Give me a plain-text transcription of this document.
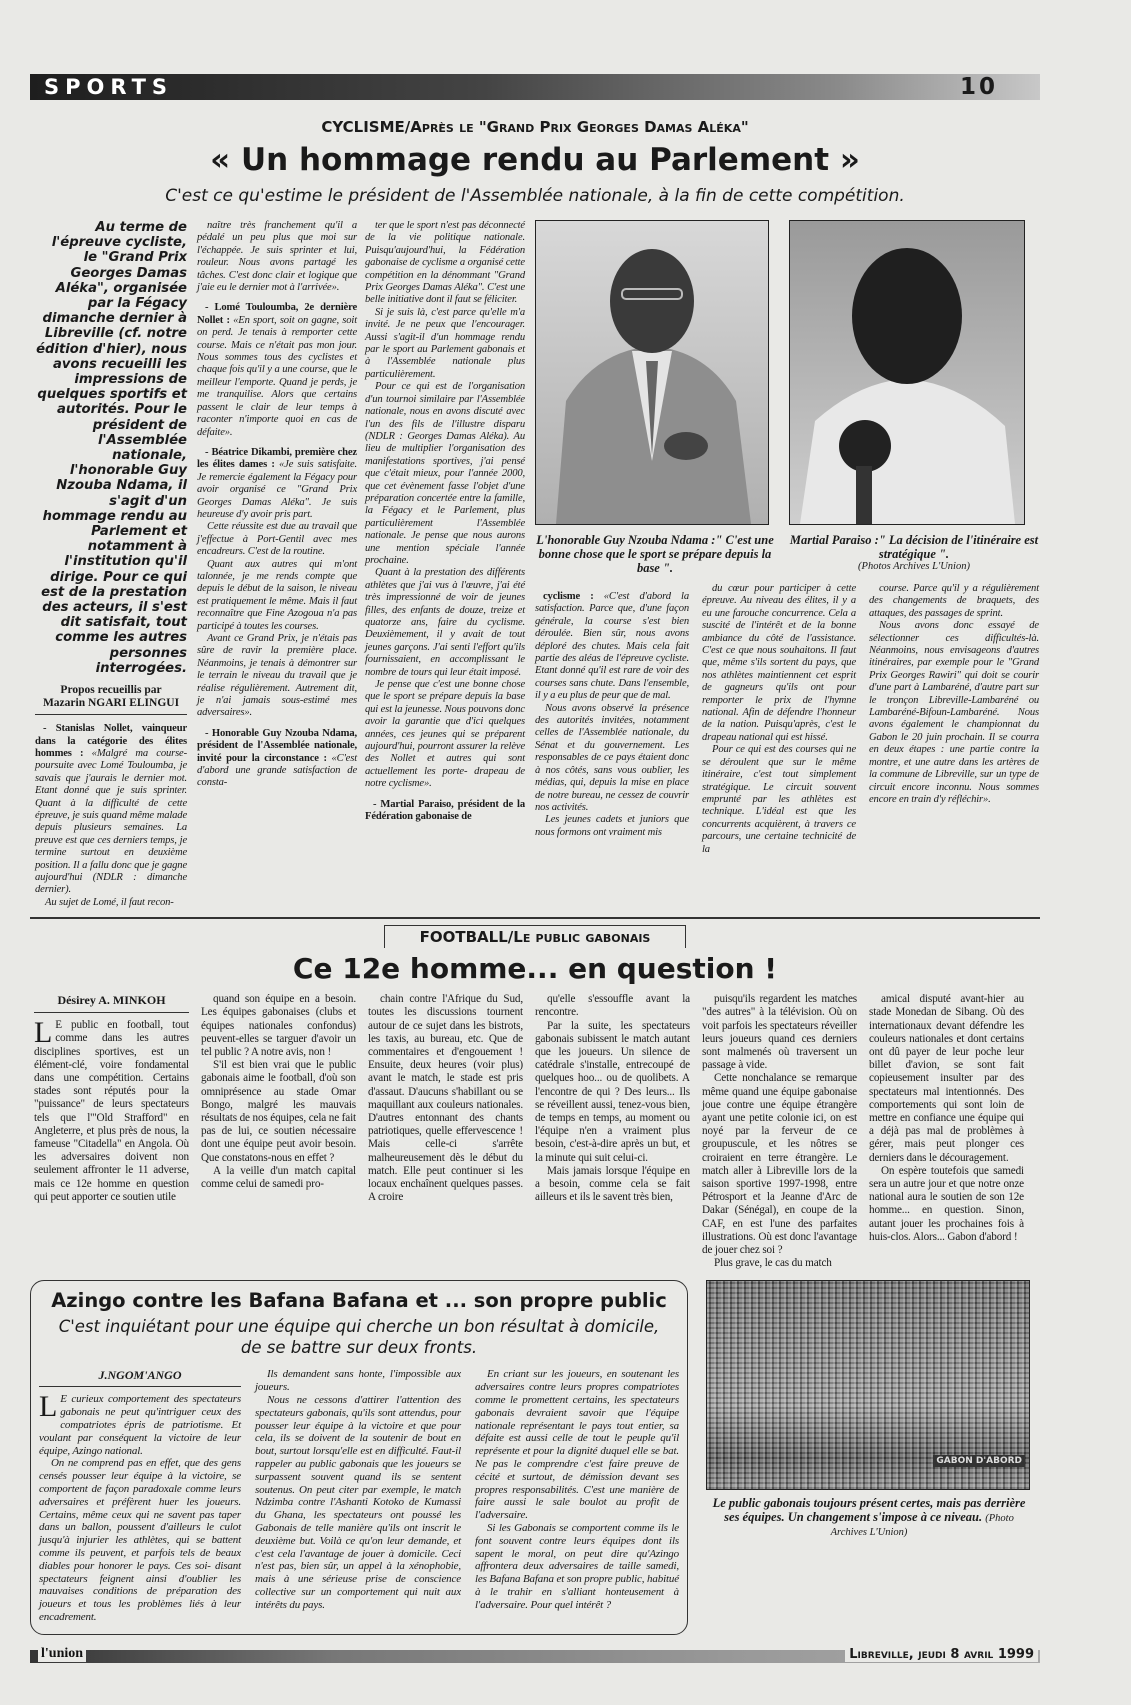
SPORTS	10
CYCLISME/Après le "Grand Prix Georges Damas Aléka"
« Un hommage rendu au Parlement »
C'est ce qu'estime le président de l'Assemblée nationale, à la fin de cette compétition.
Au terme de l'épreuve cycliste, le "Grand Prix Georges Damas Aléka", organisée par la Fégacy dimanche dernier à Libreville (cf. notre édition d'hier), nous avons recueilli les impressions de quelques sportifs et autorités. Pour le président de l'Assemblée nationale, l'honorable Guy Nzouba Ndama, il s'agit d'un hommage rendu au Parlement et notamment à l'institution qu'il dirige. Pour ce qui est de la prestation des acteurs, il s'est dit satisfait, tout comme les autres personnes interrogées.
Propos recueillis par
Mazarin NGARI ELINGUI

- Stanislas Nollet, vainqueur dans la catégorie des élites hommes : «Malgré ma course-poursuite avec Lomé Touloumba, je savais que j'aurais le dernier mot. Etant donné que je suis sprinter. Quant à la difficulté de cette épreuve, je suis quand même malade depuis plusieurs semaines. La preuve est que ces derniers temps, je termine surtout en deuxième position. Il a fallu donc que je gagne aujourd'hui (NDLR : dimanche dernier).

Au sujet de Lomé, il faut recon-

naître très franchement qu'il a pédalé un peu plus que moi sur l'échappée. Je suis sprinter et lui, rouleur. Nous avons partagé les tâches. C'est donc clair et logique que j'aie eu le dernier mot à l'arrivée».

- Lomé Touloumba, 2e dernière Nollet : «En sport, soit on gagne, soit on perd. Je tenais à remporter cette course. Mais ce n'était pas mon jour. Nous sommes tous des cyclistes et chaque fois qu'il y a une course, que le meilleur l'emporte. Quand je perds, je me tranquilise. Alors que certains passent le clair de leur temps à raconter n'importe quoi en cas de défaite».

- Béatrice Dikambi, première chez les élites dames : «Je suis satisfaite. Je remercie également la Fégacy pour avoir organisé ce "Grand Prix Georges Damas Aléka". Je suis heureuse d'y avoir pris part.

Cette réussite est due au travail que j'effectue à Port-Gentil avec mes encadreurs. C'est de la routine.

Quant aux autres qui m'ont talonnée, je me rends compte que depuis le début de la saison, le niveau est pratiquement le même. Mais il faut reconnaître que Fine Azogoua n'a pas participé à toutes les courses.

Avant ce Grand Prix, je n'étais pas sûre de ravir la première place. Néanmoins, je tenais à démontrer sur le terrain le niveau du travail que je réalise régulièrement. Autrement dit, je n'ai jamais sous-estimé mes adversaires».

- Honorable Guy Nzouba Ndama, président de l'Assemblée nationale, invité pour la circonstance : «C'est d'abord une grande satisfaction de consta-

ter que le sport n'est pas déconnecté de la vie politique nationale. Puisqu'aujourd'hui, la Fédération gabonaise de cyclisme a organisé cette compétition en la dénommant "Grand Prix Georges Damas Aléka". C'est une belle initiative dont il faut se féliciter.

Si je suis là, c'est parce qu'elle m'a invité. Je ne peux que l'encourager. Aussi s'agit-il d'un hommage rendu par le sport au Parlement gabonais et à l'Assemblée nationale plus particulièrement.

Pour ce qui est de l'organisation d'un tournoi similaire par l'Assemblée nationale, nous en avons discuté avec l'un des fils de l'illustre disparu (NDLR : Georges Damas Aléka). Au lieu de multiplier l'organisation des manifestations sportives, j'ai pensé que c'était mieux, pour l'année 2000, que cet évènement fasse l'objet d'une préparation concertée entre la famille, la Fégacy et le Parlement, plus particulièrement l'Assemblée nationale. Je pense que nous aurons une mention spéciale l'année prochaine.

Quant à la prestation des différents athlètes que j'ai vus à l'œuvre, j'ai été très impressionné de voir de jeunes filles, des enfants de douze, treize et quatorze ans, faire du cyclisme. Deuxièmement, il y avait de tout jeunes garçons. J'ai senti l'effort qu'ils fournissaient, en accomplissant le nombre de tours qui leur était imposé.

Je pense que c'est une bonne chose que le sport se prépare depuis la base qui est la jeunesse. Nous pouvons donc avoir la garantie que d'ici quelques années, ces jeunes qui se préparent aujourd'hui, pourront assurer la relève des Nollet et autres qui sont actuellement les porte- drapeau de notre cyclisme».

- Martial Paraiso, président de la Fédération gabonaise de

L'honorable Guy Nzouba Ndama :" C'est une bonne chose que le sport se prépare depuis la base ".
Martial Paraiso :" La décision de l'itinéraire est stratégique ".
(Photos Archives L'Union)

cyclisme : «C'est d'abord la satisfaction. Parce que, d'une façon générale, la course s'est bien déroulée. Bien sûr, nous avons déploré des chutes. Mais cela fait partie des aléas de l'épreuve cycliste. Etant donné qu'il est rare de voir des courses sans chute. Dans l'ensemble, il y a eu plus de peur que de mal.

Nous avons observé la présence des autorités invitées, notamment celles de l'Assemblée nationale, du Sénat et du gouvernement. Les responsables de ce pays étaient donc à nos côtés, sans vous oublier, les médias, qui, depuis la mise en place de notre bureau, ne cessez de couvrir nos activités.

Les jeunes cadets et juniors que nous formons ont vraiment mis

du cœur pour participer à cette épreuve. Au niveau des élites, il y a eu une farouche concurrence. Cela a suscité de l'intérêt et de la bonne ambiance du côté de l'assistance. C'est ce que nous souhaitons. Il faut que, même s'ils sortent du pays, que nos athlètes maintiennent cet esprit de gagneurs qu'ils ont pour remporter le prix de l'hymne national. Afin de défendre l'honneur de la nation. Puisqu'après, c'est le drapeau national qui est hissé.

Pour ce qui est des courses qui ne se déroulent que sur le même itinéraire, c'est tout simplement stratégique. Le circuit souvent emprunté par les athlètes est technique. L'idéal est que les concurrents acquièrent, à travers ce parcours, une certaine technicité de la

course. Parce qu'il y a régulièrement des changements de braquets, des attaques, des passages de sprint.

Nous avons donc essayé de sélectionner ces difficultés-là. Néanmoins, nous envisageons d'autres itinéraires, par exemple pour le "Grand Prix Georges Rawiri" qui doit se courir d'une part à Lambaréné, d'autre part sur le tronçon Libreville-Lambaréné ou Lambaréné-Bifoun-Lambaréné. Nous avons également le championnat du Gabon le 20 juin prochain. Il se courra en deux étapes : une partie contre la montre, et une autre dans les artères de la commune de Libreville, sur un type de circuit encore inconnu. Nous sommes encore en train d'y réfléchir».

FOOTBALL/Le public gabonais
Ce 12e homme... en question !
Désirey A. MINKOH

L E public en football, tout comme dans les autres disciplines sportives, est un élément-clé, voire fondamental dans une compétition. Certains stades sont réputés pour la "puissance" de leurs spectateurs tels que l'"Old Strafford" en Angleterre, et plus près de nous, la fameuse "Citadella" en Angola. Où les adversaires doivent non seulement affronter le 11 adverse, mais ce 12e homme en question qui peut apporter ce soutien utile

quand son équipe en a besoin. Les équipes gabonaises (clubs et équipes nationales confondus) peuvent-elles se targuer d'avoir un tel public ? A notre avis, non !

S'il est bien vrai que le public gabonais aime le football, d'où son omniprésence au stade Omar Bongo, malgré les mauvais résultats de nos équipes, cela ne fait pas de lui, ce soutien nécessaire dont une équipe peut avoir besoin. Que constatons-nous en effet ?

A la veille d'un match capital comme celui de samedi pro-

chain contre l'Afrique du Sud, toutes les discussions tournent autour de ce sujet dans les bistrots, les taxis, au bureau, etc. Que de commentaires et d'engouement ! Ensuite, deux heures (voir plus) avant le match, le stade est pris d'assaut. D'aucuns s'habillant ou se maquillant aux couleurs nationales. D'autres entonnant des chants patriotiques, quelle effervescence ! Mais celle-ci s'arrête malheureusement dès le début du match. Elle peut continuer si les locaux enchaînent quelques passes. A croire

qu'elle s'essouffle avant la rencontre.

Par la suite, les spectateurs gabonais subissent le match autant que les joueurs. Un silence de catédrale s'installe, entrecoupé de quelques hoo... ou de quolibets. A l'encontre de qui ? Des leurs... Ils se réveillent aussi, tenez-vous bien, de temps en temps, au moment ou l'équipe n'en a vraiment plus besoin, c'est-à-dire après un but, et la minute qui suit celui-ci.

Mais jamais lorsque l'équipe en a besoin, comme cela se fait ailleurs et ils le savent très bien,

puisqu'ils regardent les matches "des autres" à la télévision. Où on voit parfois les spectateurs réveiller leurs joueurs quand ces derniers sont malmenés où traversent un passage à vide.

Cette nonchalance se remarque même quand une équipe gabonaise joue contre une équipe étrangère ayant une petite colonie ici, on est noyé par la ferveur de ce groupuscule, et les nôtres se croiraient en terre étrangère. Le match aller à Libreville lors de la saison sportive 1997-1998, entre Pétrosport et la Jeanne d'Arc de Dakar (Sénégal), en coupe de la CAF, en est l'une des parfaites illustrations. Où est donc l'avantage de jouer chez soi ?

Plus grave, le cas du match

amical disputé avant-hier au stade Monedan de Sibang. Où des internationaux devant défendre les couleurs nationales et dont certains ont dû payer de leur poche leur billet d'avion, se sont fait copieusement insulter par des spectateurs mal intentionnés. Des comportements qui sont loin de mettre en confiance une équipe qui a déjà pas mal de problèmes à gérer, mais peut plonger ces derniers dans le découragement.

On espère toutefois que samedi sera un autre jour et que notre onze national aura le soutien de son 12e homme... en question. Sinon, autant jouer les prochaines fois à huis-clos. Alors... Gabon d'abord !

Azingo contre les Bafana Bafana et ... son propre public
C'est inquiétant pour une équipe qui cherche un bon résultat à domicile,
de se battre sur deux fronts.
J.NGOM'ANGO

L E curieux comportement des spectateurs gabonais ne peut qu'intriguer ceux des compatriotes épris de patriotisme. Et voulant par conséquent la victoire de leur équipe, Azingo national.

On ne comprend pas en effet, que des gens censés pousser leur équipe à la victoire, se comportent de façon paradoxale comme leurs adversaires et préfèrent huer les joueurs. Certains, même ceux qui ne savent pas taper dans un ballon, poussent d'ailleurs le culot jusqu'à injurier les athlètes, qui se battent comme ils peuvent, et parfois tels de beaux diables pour honorer le pays. Ces soi- disant spectateurs feignent ainsi d'oublier les mauvaises conditions de préparation des joueurs et tous les problèmes liés à leur encadrement.

Ils demandent sans honte, l'impossible aux joueurs.

Nous ne cessons d'attirer l'attention des spectateurs gabonais, qu'ils sont attendus, pour pousser leur équipe à la victoire et que pour cela, ils se doivent de la soutenir de bout en bout, surtout lorsqu'elle est en difficulté. Faut-il rappeler au public gabonais que les joueurs se surpassent souvent quand ils se sentent soutenus. On peut citer par exemple, le match Ndzimba contre l'Ashanti Kotoko de Kumassi du Ghana, les spectateurs ont poussé les Gabonais de telle manière qu'ils ont inscrit le deuxième but. Voilà ce qu'on leur demande, et c'est cela l'avantage de jouer à domicile. Ceci n'est pas, bien sûr, un appel à la xénophobie, mais à une sérieuse prise de conscience collective sur un comportement qui nuit aux intérêts du pays.

En criant sur les joueurs, en soutenant les adversaires contre leurs propres compatriotes comme le promettent certains, les spectateurs gabonais devraient savoir que l'équipe nationale représentant le pays tout entier, sa défaite est aussi celle de tout le peuple qu'il représente et pour la dignité duquel elle se bat. Ne pas le comprendre c'est faire preuve de cécité et surtout, de démission devant ses propres responsabilités. C'est une manière de faire aussi le sale boulot au profit de l'adversaire.

Si les Gabonais se comportent comme ils le font souvent contre leurs équipes dont ils sapent le moral, on peut dire qu'Azingo affrontera deux adversaires de taille samedi, les Bafana Bafana et son propre public, habitué à le trahir en s'alliant honteusement à l'adversaire. Pour quel intérêt ?

GABON D'ABORD
Le public gabonais toujours présent certes, mais pas derrière ses équipes. Un changement s'impose à ce niveau. (Photo Archives L'Union)
l'union	Libreville, jeudi 8 avril 1999
